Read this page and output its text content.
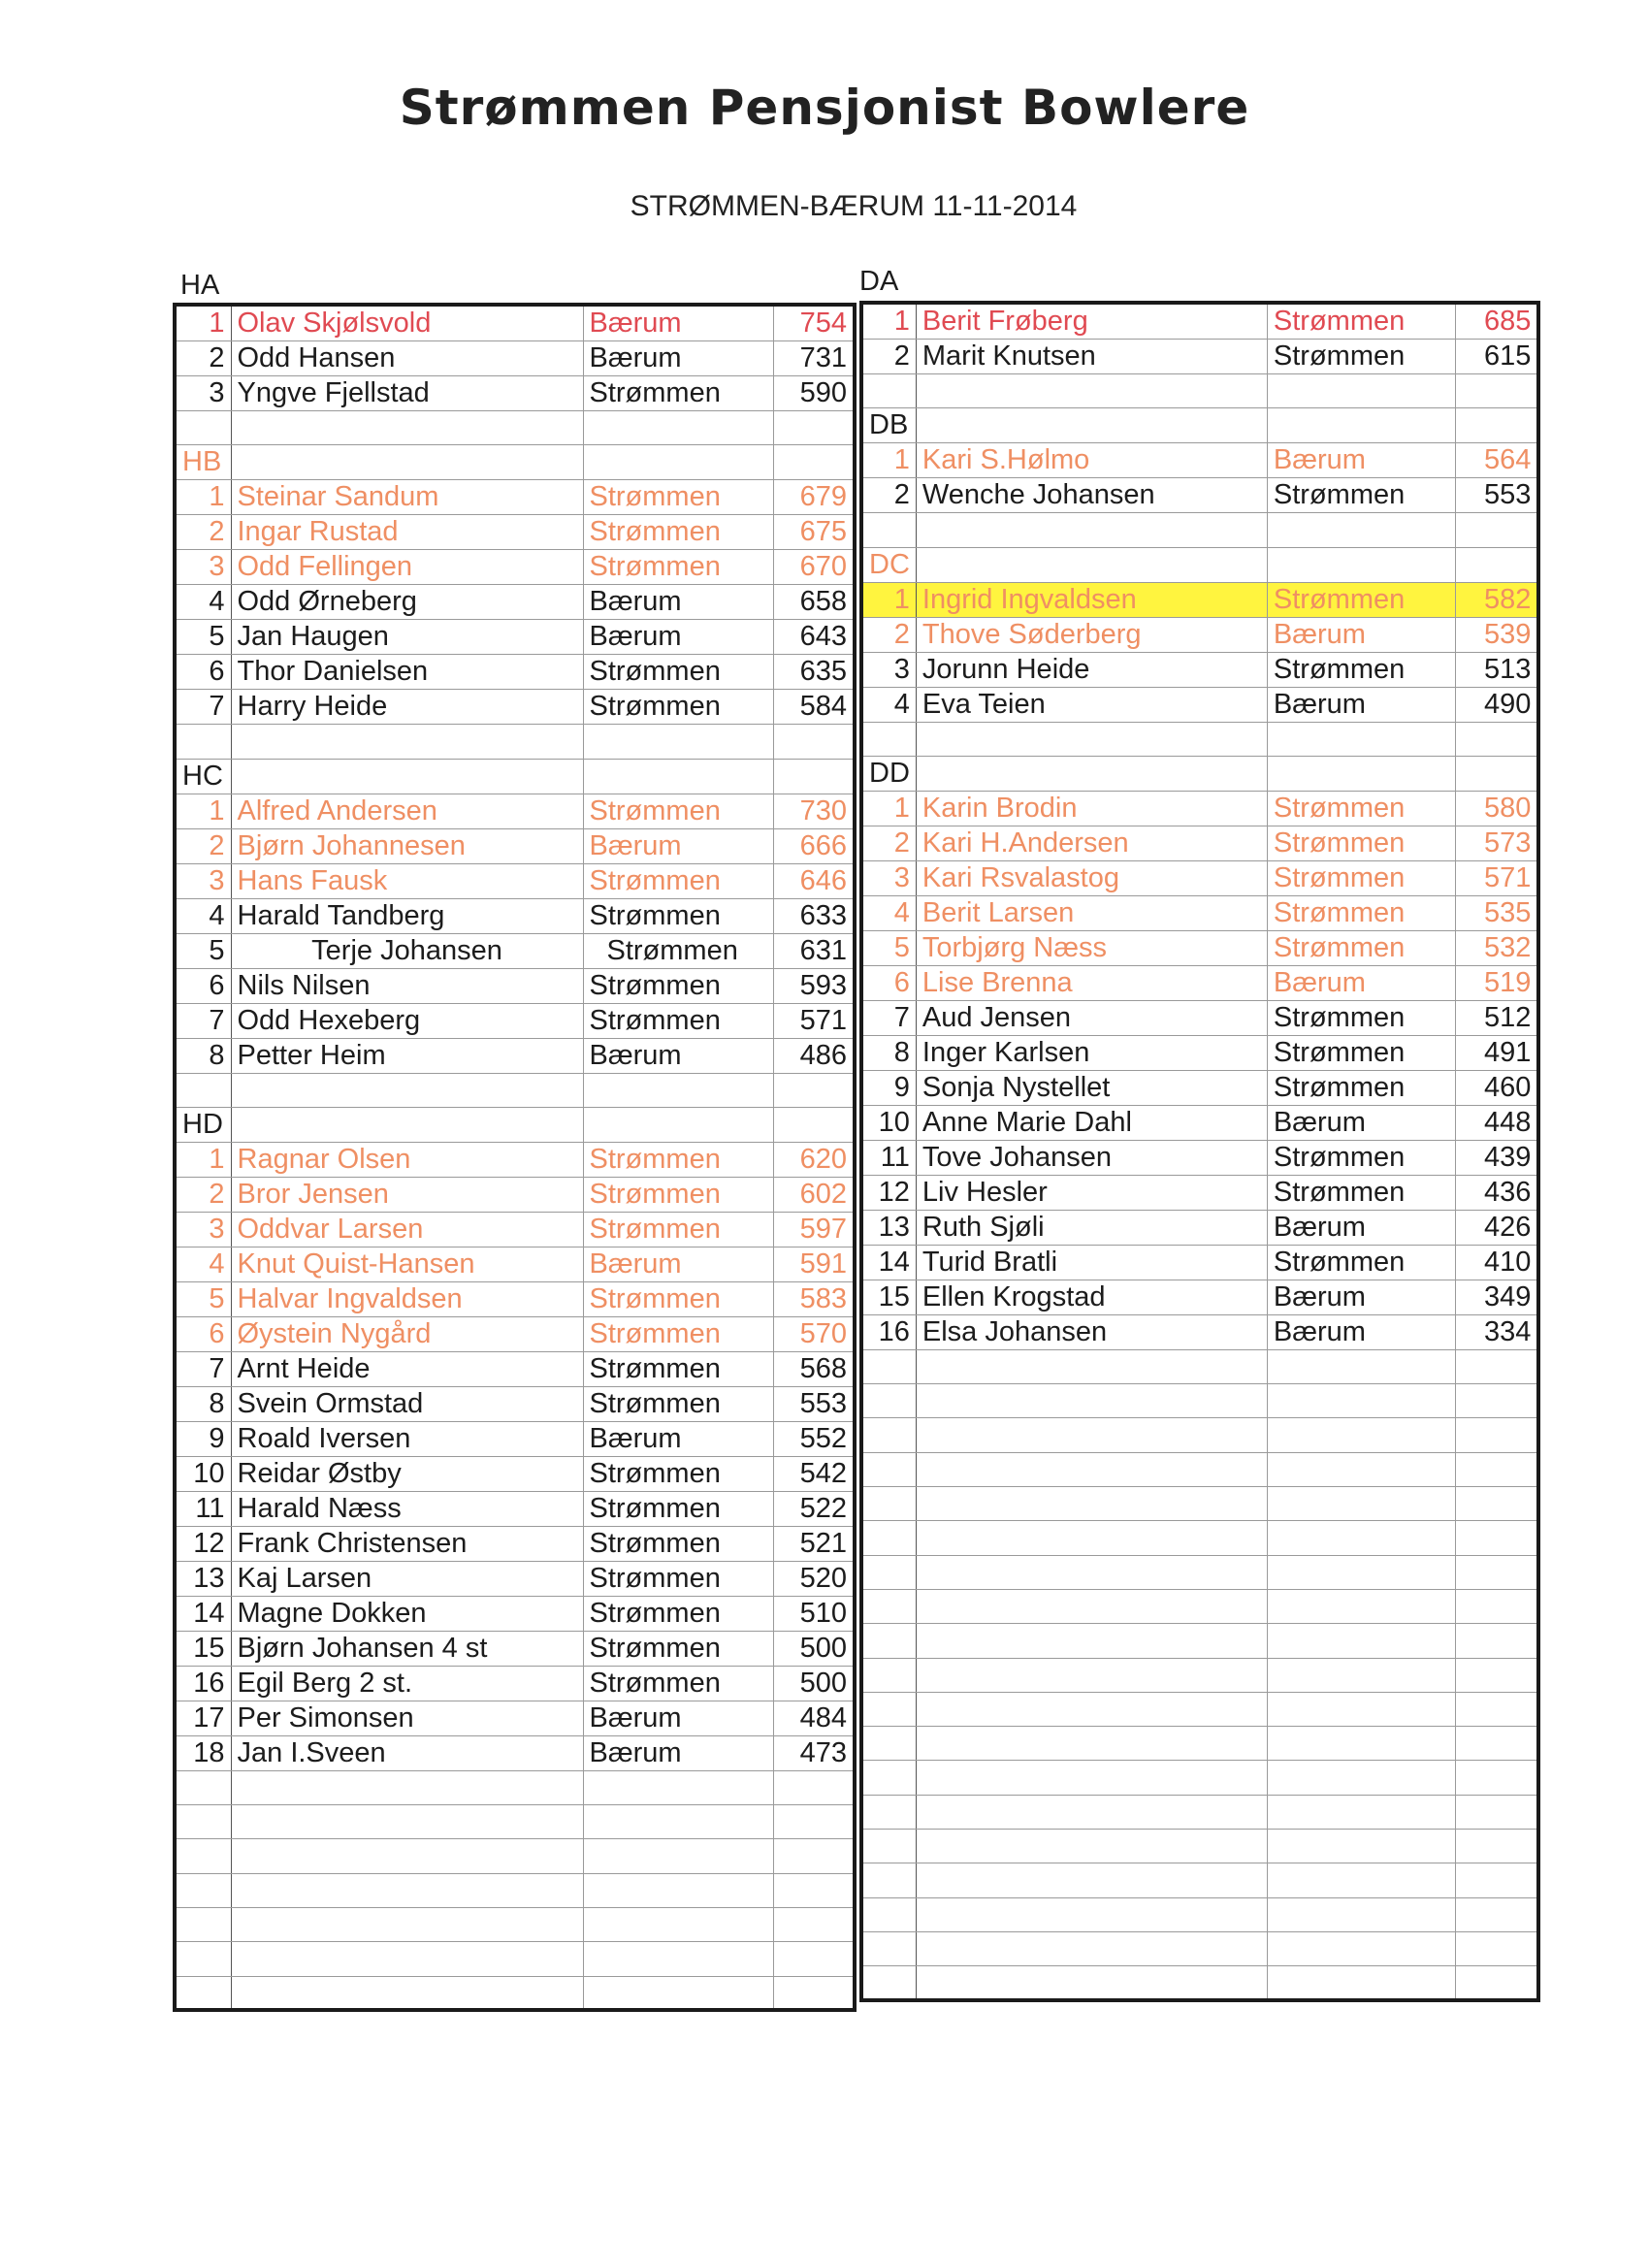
Strømmen Pensjonist Bowlere
STRØMMEN-BÆRUM 11-11-2014
HA	DA
1	Olav Skjølsvold	Bærum	754
2	Odd Hansen	Bærum	731
3	Yngve Fjellstad	Strømmen	590

HB			
1	Steinar Sandum	Strømmen	679
2	Ingar Rustad	Strømmen	675
3	Odd Fellingen	Strømmen	670
4	Odd Ørneberg	Bærum	658
5	Jan Haugen	Bærum	643
6	Thor Danielsen	Strømmen	635
7	Harry Heide	Strømmen	584

HC			
1	Alfred Andersen	Strømmen	730
2	Bjørn Johannesen	Bærum	666
3	Hans Fausk	Strømmen	646
4	Harald Tandberg	Strømmen	633
5	Terje Johansen	Strømmen	631
6	Nils Nilsen	Strømmen	593
7	Odd Hexeberg	Strømmen	571
8	Petter Heim	Bærum	486

HD			
1	Ragnar Olsen	Strømmen	620
2	Bror Jensen	Strømmen	602
3	Oddvar Larsen	Strømmen	597
4	Knut Quist-Hansen	Bærum	591
5	Halvar Ingvaldsen	Strømmen	583
6	Øystein Nygård	Strømmen	570
7	Arnt Heide	Strømmen	568
8	Svein Ormstad	Strømmen	553
9	Roald Iversen	Bærum	552
10	Reidar Østby	Strømmen	542
11	Harald Næss	Strømmen	522
12	Frank Christensen	Strømmen	521
13	Kaj Larsen	Strømmen	520
14	Magne Dokken	Strømmen	510
15	Bjørn Johansen 4 st	Strømmen	500
16	Egil Berg 2 st.	Strømmen	500
17	Per Simonsen	Bærum	484
18	Jan I.Sveen	Bærum	473

1	Berit Frøberg	Strømmen	685
2	Marit Knutsen	Strømmen	615

DB			
1	Kari S.Hølmo	Bærum	564
2	Wenche Johansen	Strømmen	553

DC			
1	Ingrid Ingvaldsen	Strømmen	582
2	Thove Søderberg	Bærum	539
3	Jorunn Heide	Strømmen	513
4	Eva Teien	Bærum	490

DD			
1	Karin Brodin	Strømmen	580
2	Kari H.Andersen	Strømmen	573
3	Kari Rsvalastog	Strømmen	571
4	Berit Larsen	Strømmen	535
5	Torbjørg Næss	Strømmen	532
6	Lise Brenna	Bærum	519
7	Aud Jensen	Strømmen	512
8	Inger Karlsen	Strømmen	491
9	Sonja Nystellet	Strømmen	460
10	Anne Marie Dahl	Bærum	448
11	Tove Johansen	Strømmen	439
12	Liv Hesler	Strømmen	436
13	Ruth Sjøli	Bærum	426
14	Turid Bratli	Strømmen	410
15	Ellen Krogstad	Bærum	349
16	Elsa Johansen	Bærum	334
